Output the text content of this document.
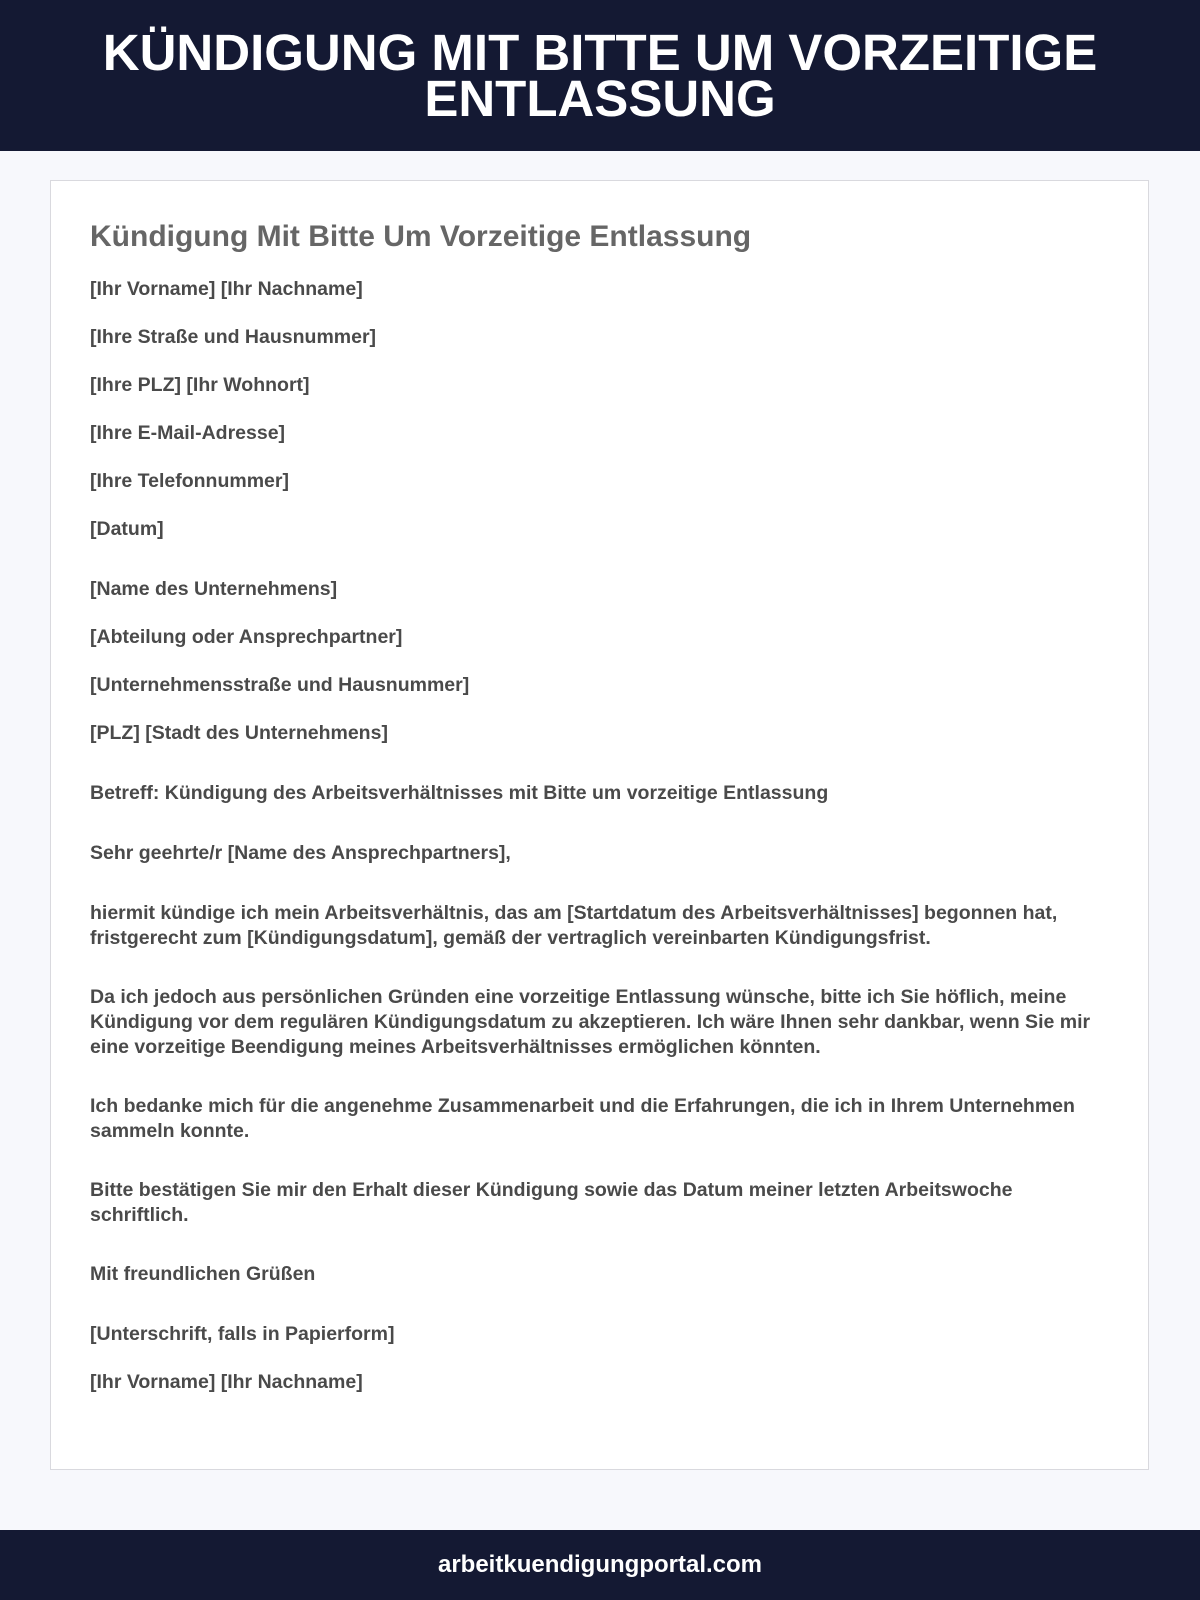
KÜNDIGUNG MIT BITTE UM VORZEITIGE ENTLASSUNG
Kündigung Mit Bitte Um Vorzeitige Entlassung

[Ihr Vorname] [Ihr Nachname]

[Ihre Straße und Hausnummer]

[Ihre PLZ] [Ihr Wohnort]

[Ihre E-Mail-Adresse]

[Ihre Telefonnummer]

[Datum]

[Name des Unternehmens]

[Abteilung oder Ansprechpartner]

[Unternehmensstraße und Hausnummer]

[PLZ] [Stadt des Unternehmens]

Betreff: Kündigung des Arbeitsverhältnisses mit Bitte um vorzeitige Entlassung

Sehr geehrte/r [Name des Ansprechpartners],

hiermit kündige ich mein Arbeitsverhältnis, das am [Startdatum des Arbeitsverhältnisses] begonnen hat, fristgerecht zum [Kündigungsdatum], gemäß der vertraglich vereinbarten Kündigungsfrist.

Da ich jedoch aus persönlichen Gründen eine vorzeitige Entlassung wünsche, bitte ich Sie höflich, meine Kündigung vor dem regulären Kündigungsdatum zu akzeptieren. Ich wäre Ihnen sehr dankbar, wenn Sie mir eine vorzeitige Beendigung meines Arbeitsverhältnisses ermöglichen könnten.

Ich bedanke mich für die angenehme Zusammenarbeit und die Erfahrungen, die ich in Ihrem Unternehmen sammeln konnte.

Bitte bestätigen Sie mir den Erhalt dieser Kündigung sowie das Datum meiner letzten Arbeitswoche schriftlich.

Mit freundlichen Grüßen

[Unterschrift, falls in Papierform]

[Ihr Vorname] [Ihr Nachname]

arbeitkuendigungportal.com
